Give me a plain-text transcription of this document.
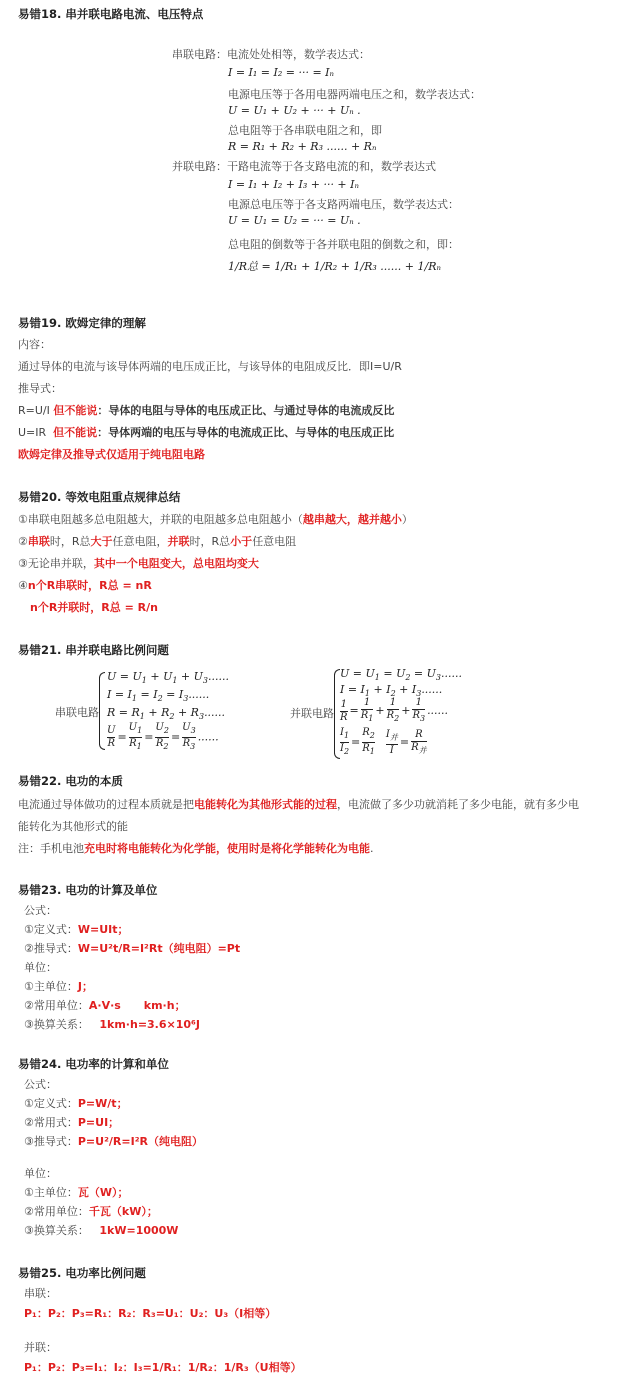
易错18. 串并联电路电流、电压特点
串联电路：电流处处相等，数学表达式：
I = I₁ = I₂ = ··· = Iₙ
电源电压等于各用电器两端电压之和，数学表达式：
U = U₁ + U₂ + ··· + Uₙ .
总电阻等于各串联电阻之和，即
R = R₁ + R₂ + R₃ ...... + Rₙ
并联电路：干路电流等于各支路电流的和，数学表达式
I = I₁ + I₂ + I₃ + ··· + Iₙ
电源总电压等于各支路两端电压，数学表达式：
U = U₁ = U₂ = ··· = Uₙ .
总电阻的倒数等于各并联电阻的倒数之和，即：
1/R总 = 1/R₁ + 1/R₂ + 1/R₃ ...... + 1/Rₙ
易错19. 欧姆定律的理解
内容：
通过导体的电流与该导体两端的电压成正比，与该导体的电阻成反比．即I=U/R
推导式：
R=U/I 但不能说：导体的电阻与导体的电压成正比、与通过导体的电流成反比
U=IR 但不能说：导体两端的电压与导体的电流成正比、与导体的电压成正比
欧姆定律及推导式仅适用于纯电阻电路
易错20. 等效电阻重点规律总结
①串联电阻越多总电阻越大，并联的电阻越多总电阻越小（越串越大，越并越小）
②串联时，R总大于任意电阻，并联时，R总小于任意电阻
③无论串并联，其中一个电阻变大，总电阻均变大
④n个R串联时，R总 = nR
n个R并联时，R总 = R/n
易错21. 串并联电路比例问题
串联电路
$U = U_1 + U_1 + U_3$......
$I = I_1 = I_2 = I_3$......
$R = R_1 + R_2 + R_3$......
$\frac{U}{R} = \frac{U_1}{R_1} = \frac{U_2}{R_2} = \frac{U_3}{R_3}$ ......
并联电路
$U = U_1 = U_2 = U_3$......
$I = I_1 + I_2 + I_3$......
$\frac{1}{R} = \frac{1}{R_1} + \frac{1}{R_2} + \frac{1}{R_3}$ ......
$\frac{I_1}{I_2} = \frac{R_2}{R_1}$
$\frac{I_并}{I} = \frac{R}{R_并}$
易错22. 电功的本质
电流通过导体做功的过程本质就是把电能转化为其他形式能的过程，电流做了多少功就消耗了多少电能，就有多少电
能转化为其他形式的能
注：手机电池充电时将电能转化为化学能，使用时是将化学能转化为电能.
易错23. 电功的计算及单位
公式：
①定义式：W=UIt；
②推导式：W=U²t/R=I²Rt（纯电阻）=Pt
单位：
①主单位：J；
②常用单位：A·V·s      km·h；
③换算关系： 1km·h=3.6×10⁶J
易错24. 电功率的计算和单位
公式：
①定义式：P=W/t；
②常用式：P=UI；
③推导式：P=U²/R=I²R（纯电阻）
单位：
①主单位：瓦（W）；
②常用单位：千瓦（kW）；
③换算关系： 1kW=1000W
易错25. 电功率比例问题
串联：
P₁：P₂：P₃=R₁：R₂：R₃=U₁：U₂：U₃（I相等）
并联：
P₁：P₂：P₃=I₁：I₂：I₃=1/R₁：1/R₂：1/R₃（U相等）
